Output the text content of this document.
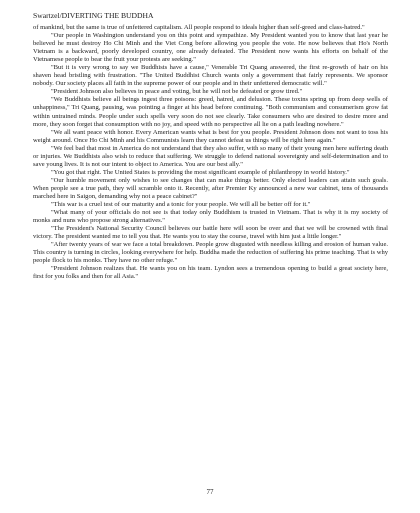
Swartzel/DIVERTING THE BUDDHA

of mankind, but the same is true of unfettered capitalism. All people respond to ideals higher than self-greed and class-hatred."

"Our people in Washington understand you on this point and sympathize. My President wanted you to know that last year he believed he must destroy Ho Chi Minh and the Viet Cong before allowing you people the vote. He now believes that Ho's North Vietnam is a backward, poorly developed country, one already defeated. The President now wants his efforts on behalf of the Vietnamese people to bear the fruit your protests are seeking."

"But it is very wrong to say we Buddhists have a cause," Venerable Tri Quang answered, the first re-growth of hair on his shaven head bristling with frustration. "The United Buddhist Church wants only a government that fairly represents. We sponsor nobody. Our society places all faith in the supreme power of our people and in their unfettered democratic will."

"President Johnson also believes in peace and voting, but he will not be defeated or grow tired."

"We Buddhists believe all beings ingest three poisons: greed, hatred, and delusion. These toxins spring up from deep wells of unhappiness," Tri Quang, pausing, was pointing a finger at his head before continuing. "Both communism and consumerism grow fat within untrained minds. People under such spells very soon do not see clearly. Take consumers who are desired to desire more and more, they soon forget that consumption with no joy, and speed with no perspective all lie on a path leading nowhere."

"We all want peace with honor. Every American wants what is best for you people. President Johnson does not want to toss his weight around. Once Ho Chi Minh and his Communists learn they cannot defeat us things will be right here again."

"We feel bad that most in America do not understand that they also suffer, with so many of their young men here suffering death or injuries. We Buddhists also wish to reduce that suffering. We struggle to defend national sovereignty and self-determination and to save young lives. It is not our intent to object to America. You are our best ally."

"You got that right. The United States is providing the most significant example of philanthropy in world history."

"Our humble movement only wishes to see changes that can make things better. Only elected leaders can attain such goals. When people see a true path, they will scramble onto it. Recently, after Premier Ky announced a new war cabinet, tens of thousands marched here in Saigon, demanding why not a peace cabinet?"

"This war is a cruel test of our maturity and a tonic for your people. We will all be better off for it."

"What many of your officials do not see is that today only Buddhism is trusted in Vietnam. That is why it is my society of monks and nuns who propose strong alternatives."

"The President's National Security Council believes our battle here will soon be over and that we will be crowned with final victory. The president wanted me to tell you that. He wants you to stay the course, travel with him just a little longer."

"After twenty years of war we face a total breakdown. People grow disgusted with needless killing and erosion of human value. This country is turning in circles, looking everywhere for help. Buddha made the reduction of suffering his prime teaching. That is why people flock to his monks. They have no other refuge."

"President Johnson realizes that. He wants you on his team. Lyndon sees a tremendous opening to build a great society here, first for you folks and then for all Asia."

77
